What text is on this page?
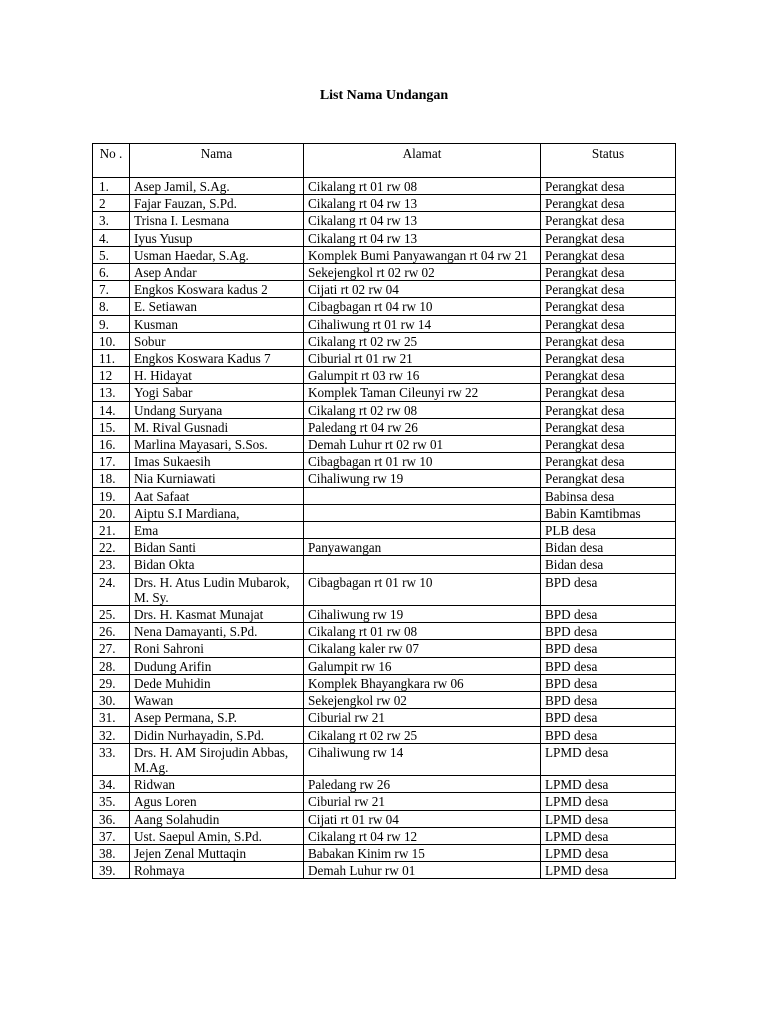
List Nama Undangan
No .	Nama	Alamat	Status
1.	Asep Jamil, S.Ag.	Cikalang rt 01 rw 08	Perangkat desa
2	Fajar Fauzan, S.Pd.	Cikalang rt 04 rw 13	Perangkat desa
3.	Trisna I. Lesmana	Cikalang rt 04 rw 13	Perangkat desa
4.	Iyus Yusup	Cikalang rt 04 rw 13	Perangkat desa
5.	Usman Haedar, S.Ag.	Komplek Bumi Panyawangan rt 04 rw 21	Perangkat desa
6.	Asep Andar	Sekejengkol rt 02 rw 02	Perangkat desa
7.	Engkos Koswara kadus 2	Cijati rt 02 rw 04	Perangkat desa
8.	E. Setiawan	Cibagbagan rt 04 rw 10	Perangkat desa
9.	Kusman	Cihaliwung rt 01 rw 14	Perangkat desa
10.	Sobur	Cikalang rt 02 rw 25	Perangkat desa
11.	Engkos Koswara Kadus 7	Ciburial rt 01 rw 21	Perangkat desa
12	H. Hidayat	Galumpit rt 03 rw 16	Perangkat desa
13.	Yogi Sabar	Komplek Taman Cileunyi rw 22	Perangkat desa
14.	Undang Suryana	Cikalang rt 02 rw 08	Perangkat desa
15.	M. Rival Gusnadi	Paledang rt 04 rw 26	Perangkat desa
16.	Marlina Mayasari, S.Sos.	Demah Luhur rt 02 rw 01	Perangkat desa
17.	Imas Sukaesih	Cibagbagan rt 01 rw 10	Perangkat desa
18.	Nia Kurniawati	Cihaliwung rw 19	Perangkat desa
19.	Aat Safaat		Babinsa desa
20.	Aiptu S.I Mardiana,		Babin Kamtibmas
21.	Ema		PLB desa
22.	Bidan Santi	Panyawangan	Bidan desa
23.	Bidan Okta		Bidan desa
24.	Drs. H. Atus Ludin Mubarok, M. Sy.	Cibagbagan rt 01 rw 10	BPD desa
25.	Drs. H. Kasmat Munajat	Cihaliwung rw 19	BPD desa
26.	Nena Damayanti, S.Pd.	Cikalang rt 01 rw 08	BPD desa
27.	Roni Sahroni	Cikalang kaler rw 07	BPD desa
28.	Dudung Arifin	Galumpit rw 16	BPD desa
29.	Dede Muhidin	Komplek Bhayangkara rw 06	BPD desa
30.	Wawan	Sekejengkol rw 02	BPD desa
31.	Asep Permana, S.P.	Ciburial rw 21	BPD desa
32.	Didin Nurhayadin, S.Pd.	Cikalang rt 02 rw 25	BPD desa
33.	Drs. H. AM Sirojudin Abbas, M.Ag.	Cihaliwung rw 14	LPMD desa
34.	Ridwan	Paledang rw 26	LPMD desa
35.	Agus Loren	Ciburial rw 21	LPMD desa
36.	Aang Solahudin	Cijati rt 01 rw 04	LPMD desa
37.	Ust. Saepul Amin, S.Pd.	Cikalang rt 04 rw 12	LPMD desa
38.	Jejen Zenal Muttaqin	Babakan Kinim rw 15	LPMD desa
39.	Rohmaya	Demah Luhur rw 01	LPMD desa
